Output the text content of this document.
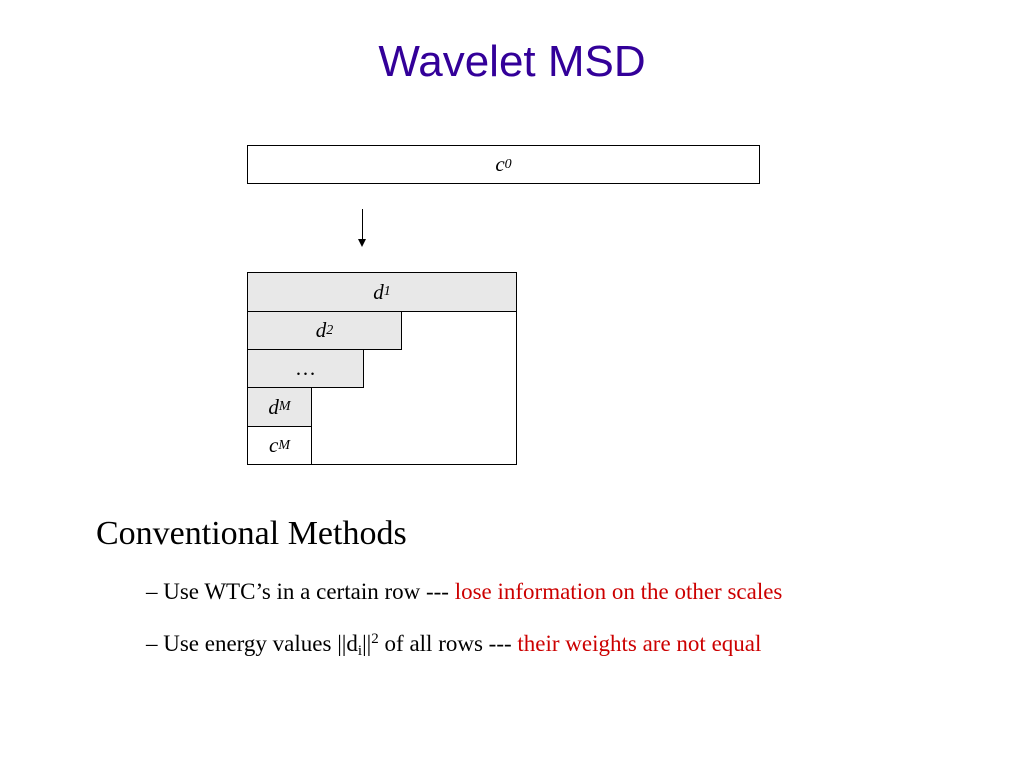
Wavelet MSD
c 0
d 1
d 2
…
d M
c M
Conventional Methods
– Use WTC’s in a certain row --- lose information on the other scales
– Use energy values $||d_i||^2$ of all rows --- their weights are not equal
